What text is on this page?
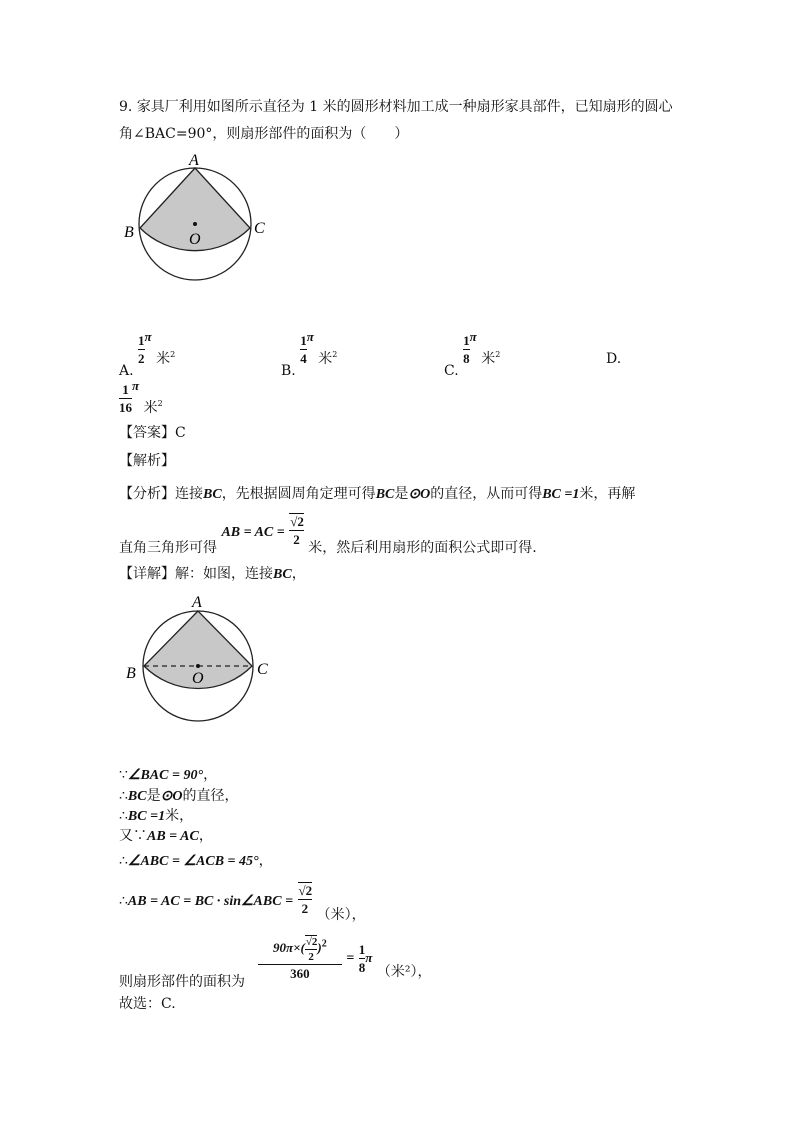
9. 家具厂利用如图所示直径为 1 米的圆形材料加工成一种扇形家具部件，已知扇形的圆心
角∠BAC=90°，则扇形部件的面积为（　　）
A
B	C
O
A.
$\frac{1}{2}$ π 米$_2$
B.
$\frac{1}{4}$ π 米$_2$
C.
$\frac{1}{8}$ π 米$_2$	D.
$\frac{1}{16}$ π 米$_2$
【答案】C
【解析】
【分析】连接BC，先根据圆周角定理可得BC是⊙O的直径，从而可得BC =1米，再解
直角三角形可得 AB = AC = $\frac{√2}{2}$
米，然后利用扇形的面积公式即可得.
【详解】解：如图，连接BC，
A
B	C
O
∵∠BAC = 90°，
∴BC是⊙O的直径，
∴BC =1米，
又∵AB = AC，
∴∠ABC = ∠ACB = 45°，
∴AB = AC = BC · sin∠ABC = $\frac{√2}{2}$ （米），
则扇形部件的面积为
$\frac{90\pi\times( \frac{√2}{2} )^2}{360} = \frac{1}{8}$ π （米²），
故选：C.
